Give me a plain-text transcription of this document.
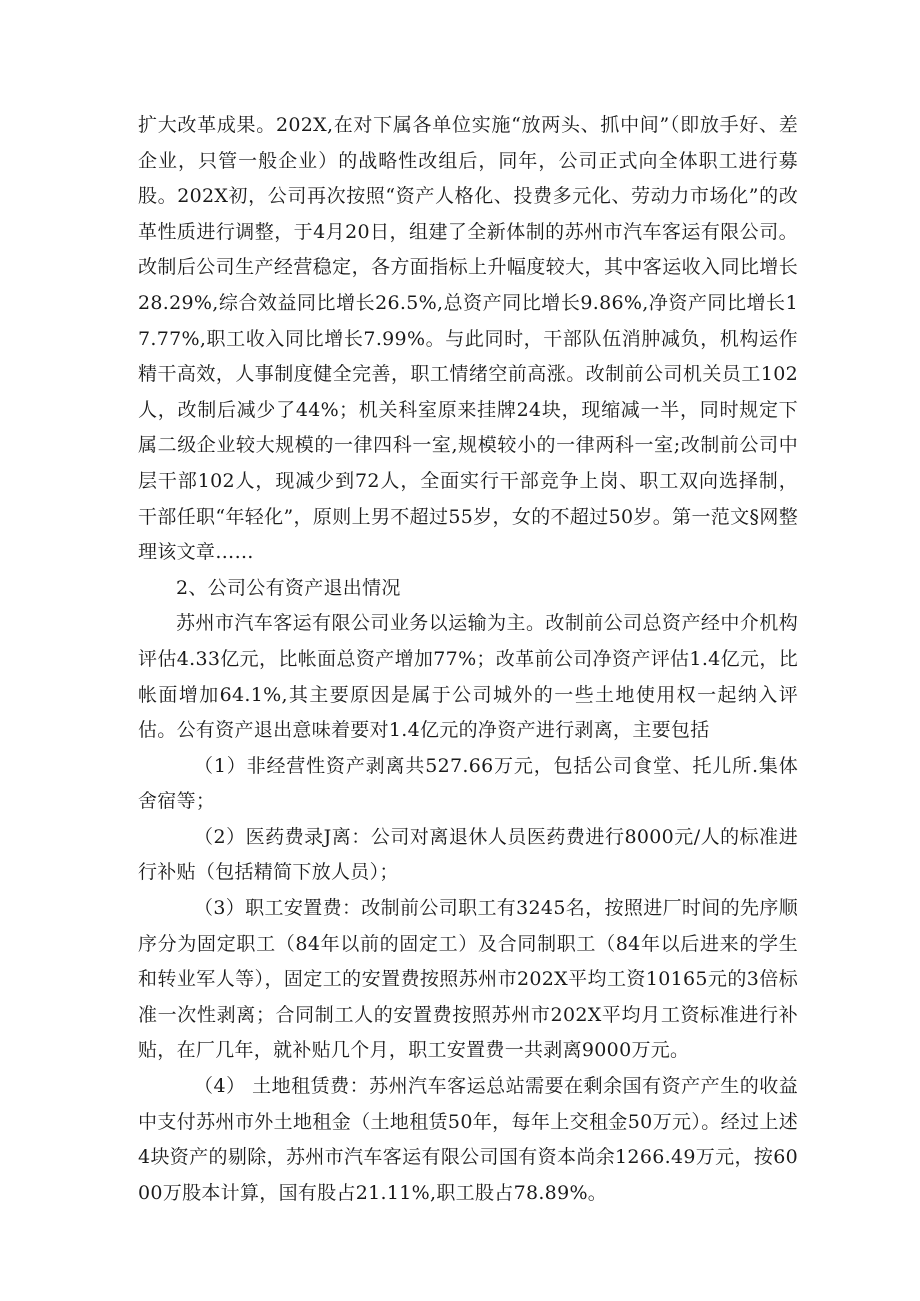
扩大改革成果。202X,在对下属各单位实施“放两头、抓中间”（即放手好、差企业，只管一般企业）的战略性改组后，同年，公司正式向全体职工进行募股。202X初，公司再次按照“资产人格化、投费多元化、劳动力市场化”的改革性质进行调整，于4月20日，组建了全新体制的苏州市汽车客运有限公司。改制后公司生产经营稳定，各方面指标上升幅度较大，其中客运收入同比增长28.29%,综合效益同比增长26.5%,总资产同比增长9.86%,净资产同比增长17.77%,职工收入同比增长7.99%。与此同时，干部队伍消肿减负，机构运作精干高效，人事制度健全完善，职工情绪空前高涨。改制前公司机关员工102人，改制后减少了44%；机关科室原来挂牌24块，现缩减一半，同时规定下属二级企业较大规模的一律四科一室,规模较小的一律两科一室;改制前公司中层干部102人，现减少到72人，全面实行干部竞争上岗、职工双向选择制，干部任职“年轻化”，原则上男不超过55岁，女的不超过50岁。第一范文§网整理该文章……

2、公司公有资产退出情况

苏州市汽车客运有限公司业务以运输为主。改制前公司总资产经中介机构评估4.33亿元，比帐面总资产增加77%；改革前公司净资产评估1.4亿元，比帐面增加64.1%,其主要原因是属于公司城外的一些土地使用权一起纳入评估。公有资产退出意味着要对1.4亿元的净资产进行剥离，主要包括

（1）非经营性资产剥离共527.66万元，包括公司食堂、托儿所.集体舍宿等；

（2）医药费录J离：公司对离退休人员医药费进行8000元/人的标准进行补贴（包括精简下放人员）；

（3）职工安置费：改制前公司职工有3245名，按照进厂时间的先序顺序分为固定职工（84年以前的固定工）及合同制职工（84年以后进来的学生和转业军人等），固定工的安置费按照苏州市202X平均工资10165元的3倍标准一次性剥离；合同制工人的安置费按照苏州市202X平均月工资标准进行补贴，在厂几年，就补贴几个月，职工安置费一共剥离9000万元。

（4） 土地租赁费：苏州汽车客运总站需要在剩余国有资产产生的收益中支付苏州市外土地租金（土地租赁50年，每年上交租金50万元）。经过上述4块资产的剔除，苏州市汽车客运有限公司国有资本尚余1266.49万元，按6000万股本计算，国有股占21.11%,职工股占78.89%。
